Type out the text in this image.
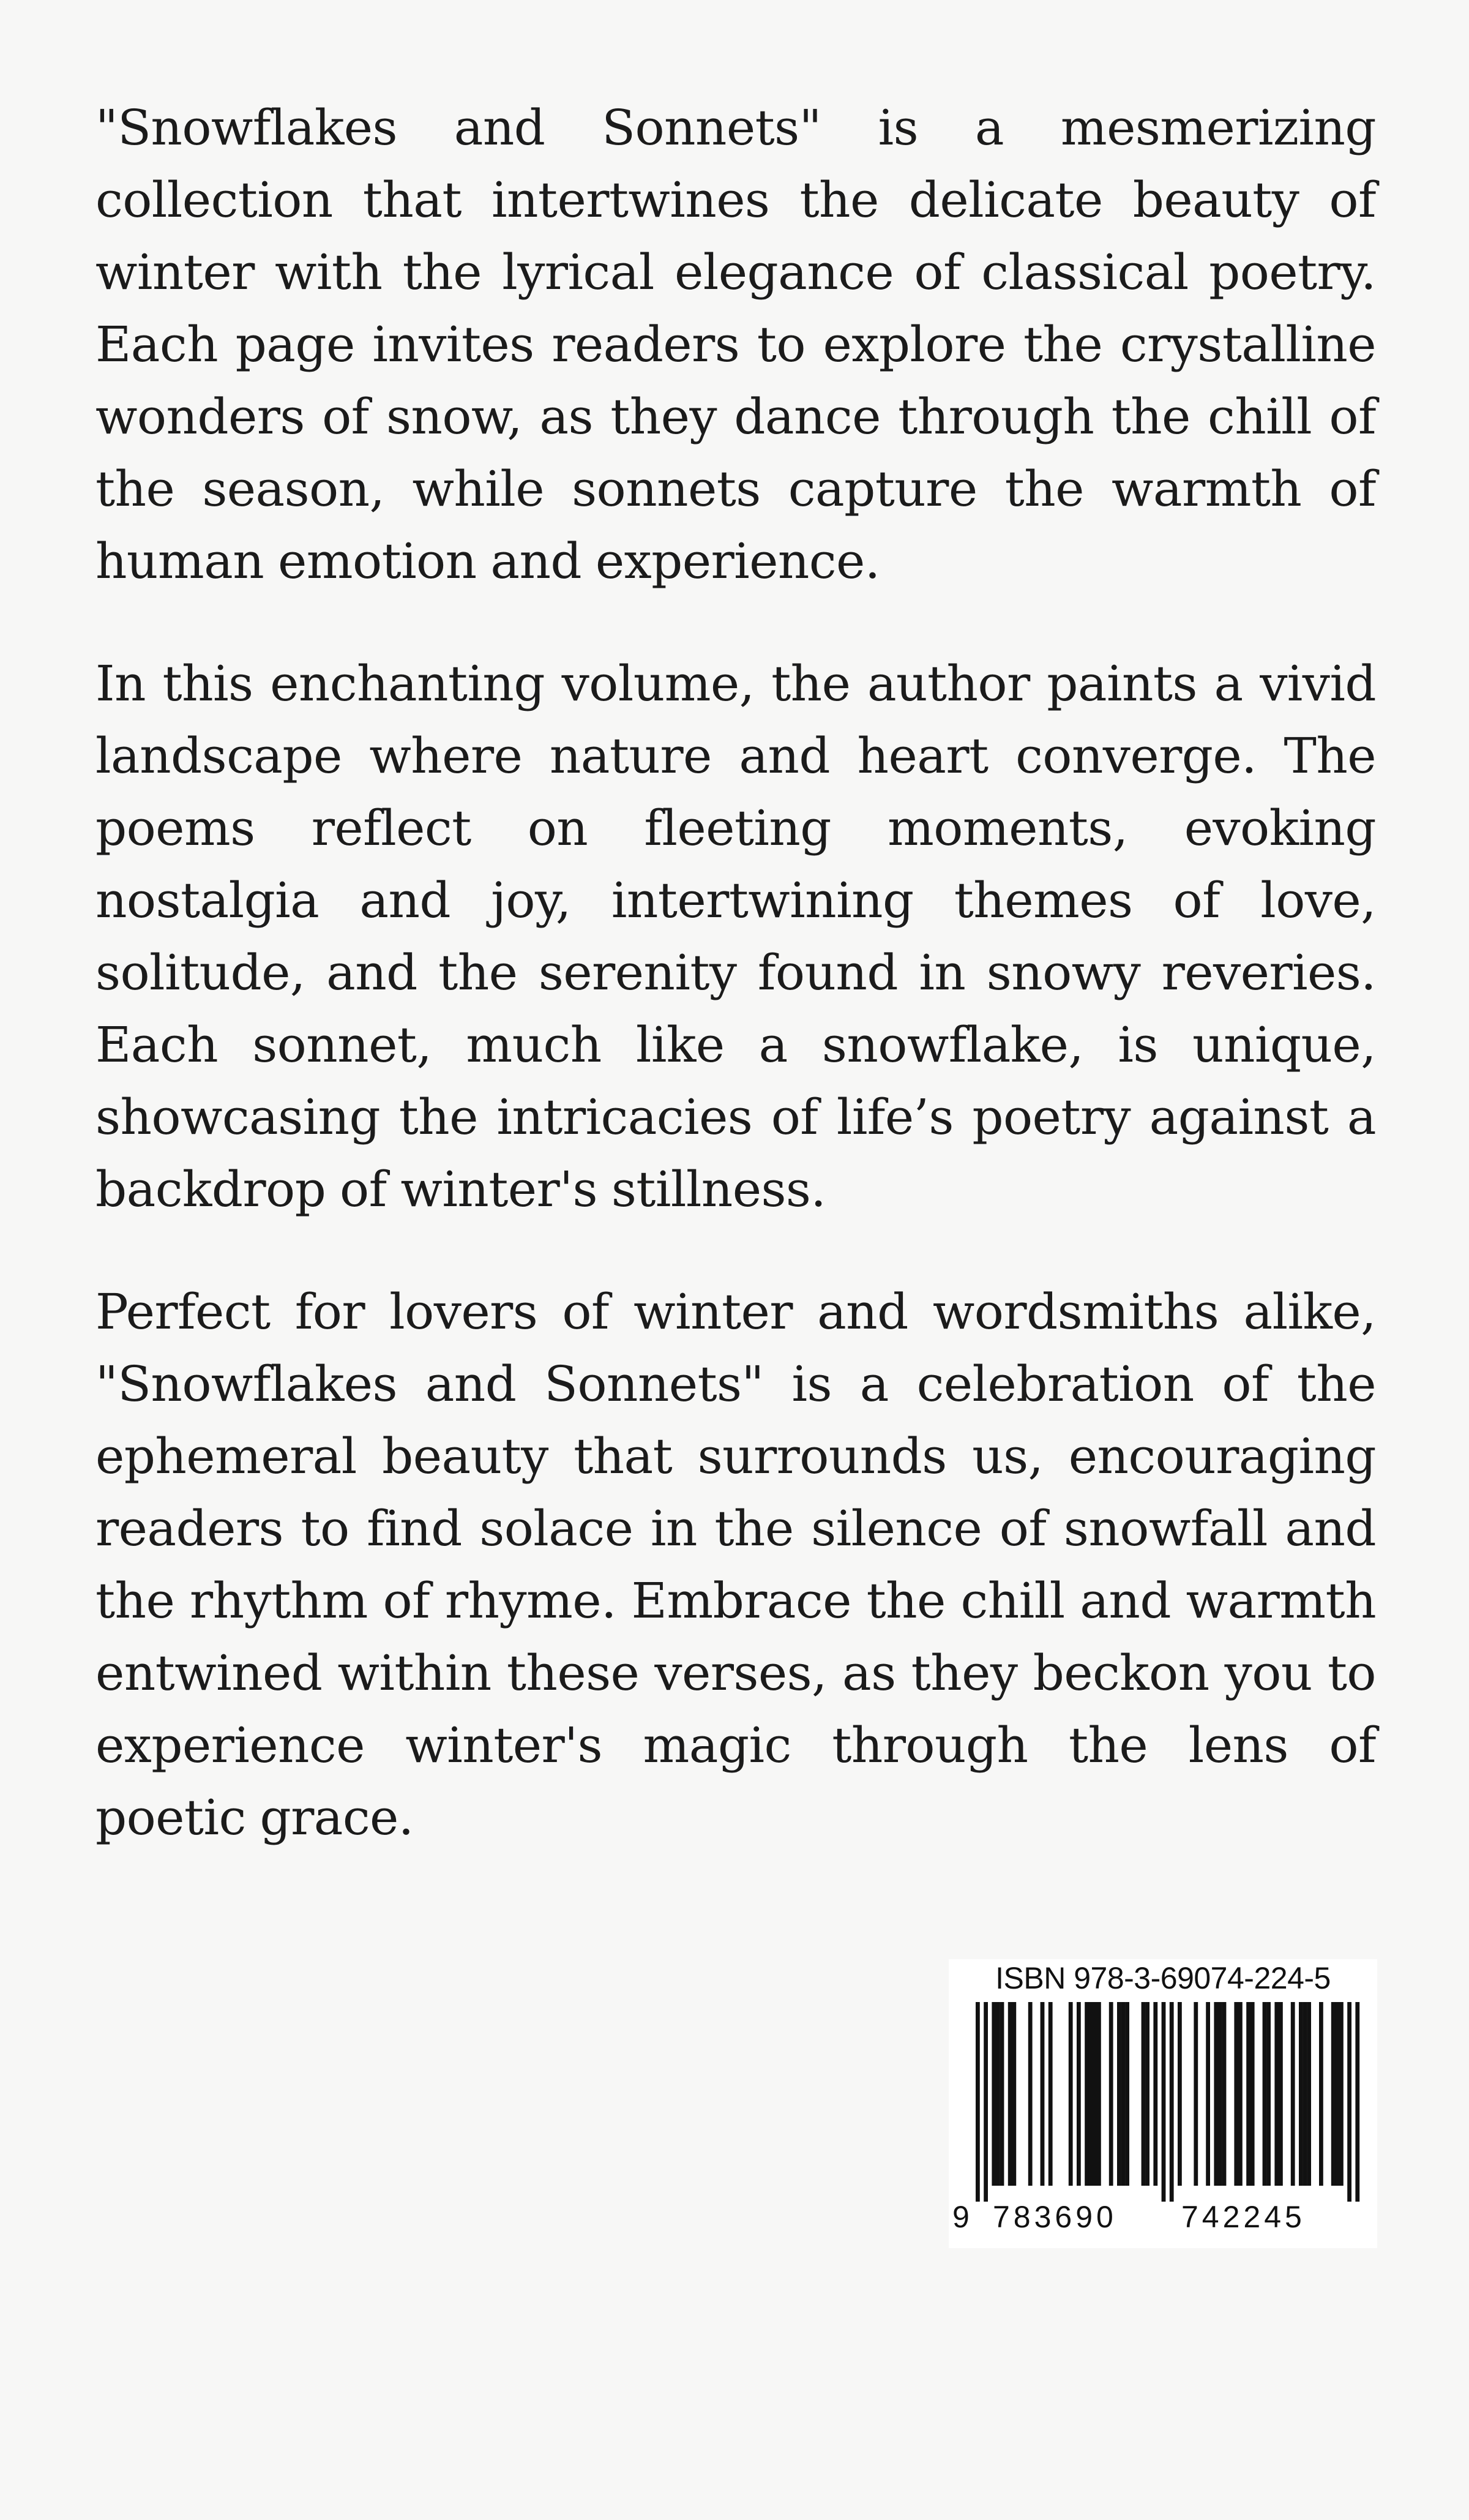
"Snowflakes and Sonnets" is a mesmerizing collection that intertwines the delicate beauty of winter with the lyrical elegance of classical poetry. Each page invites readers to explore the crystalline wonders of snow, as they dance through the chill of the season, while sonnets capture the warmth of human emotion and experience.

In this enchanting volume, the author paints a vivid landscape where nature and heart converge. The poems reflect on fleeting moments, evoking nostalgia and joy, intertwining themes of love, solitude, and the serenity found in snowy reveries. Each sonnet, much like a snowflake, is unique, showcasing the intricacies of life’s poetry against a backdrop of winter's stillness.

Perfect for lovers of winter and wordsmiths alike, "Snowflakes and Sonnets" is a celebration of the ephemeral beauty that surrounds us, encouraging readers to find solace in the silence of snowfall and the rhythm of rhyme. Embrace the chill and warmth entwined within these verses, as they beckon you to experience winter's magic through the lens of poetic grace.

ISBN 978-3-69074-224-5
9 783690 742245
